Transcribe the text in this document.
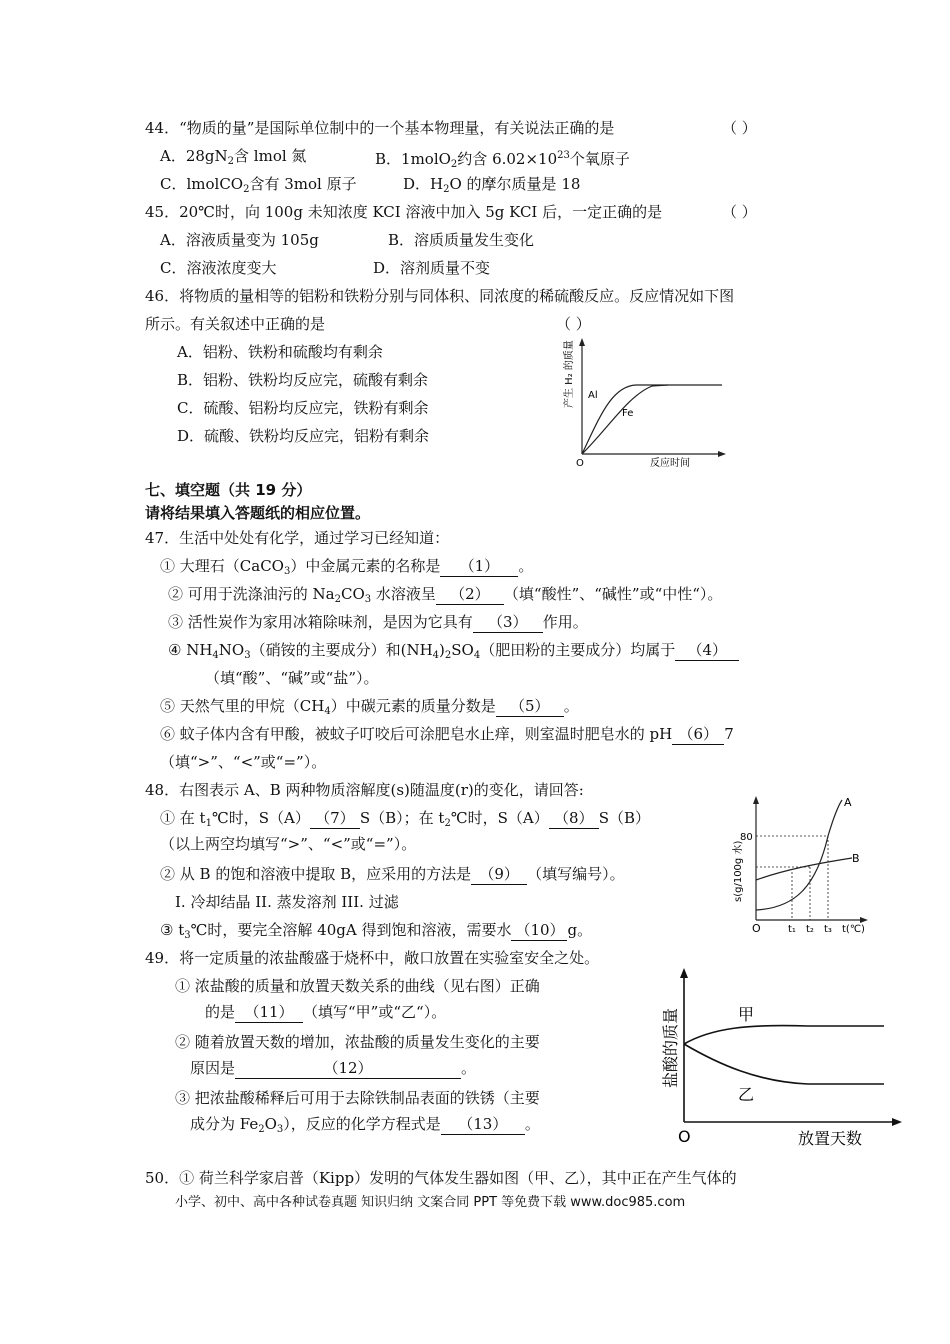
44．“物质的量”是国际单位制中的一个基本物理量，有关说法正确的是	（ ）
A．$28gN_2$含 lmol 氮	B．1molO$_2$约含 $6.02\times 10^{23}$个氧原子
C．lmolCO$_2$含有 3mol 原子	D．$H_2O$ 的摩尔质量是 18
45．20℃时，向 100g 未知浓度 KCI 溶液中加入 5g KCI 后，一定正确的是	（ ）
A．溶液质量变为 105g	B．溶质质量发生变化
C．溶液浓度变大	D．溶剂质量不变
46．将物质的量相等的铝粉和铁粉分别与同体积、同浓度的稀硫酸反应。反应情况如下图
所示。有关叙述中正确的是	（ ）
A．铝粉、铁粉和硫酸均有剩余
B．铝粉、铁粉均反应完，硫酸有剩余
C．硫酸、铝粉均反应完，铁粉有剩余
D．硫酸、铁粉均反应完，铝粉有剩余
产生 H₂ 的质量 Al
Fe
O	反应时间
七、填空题（共 19 分）
请将结果填入答题纸的相应位置。
47．生活中处处有化学，通过学习已经知道：
① 大理石（CaCO$_3$）中金属元素的名称是 （1） 。
② 可用于洗涤油污的 $Na_2CO_3$ 水溶液呈 （2） （填“酸性”、“碱性”或“中性“）。
③ 活性炭作为家用冰箱除味剂，是因为它具有 （3） 作用。
④ $NH_4NO_3$（硝铵的主要成分）和$(NH_4)_2SO_4$（肥田粉的主要成分）均属于 （4）
（填“酸”、“碱”或“盐”）。
⑤ 天然气里的甲烷$(CH_4)$中碳元素的质量分数是 （5） 。
⑥ 蚊子体内含有甲酸，被蚊子叮咬后可涂肥皂水止痒，则室温时肥皂水的 pH （6） 7
（填“>”、“<”或“=”）。
48．右图表示 A、B 两种物质溶解度(s)随温度(r)的变化，请回答:
① 在 $t_1℃$时，S（A） （7） S（B）；在 $t_2℃$时，S（A） （8） S（B）
（以上两空均填写“>”、“<”或“=”）。
② 从 B 的饱和溶液中提取 B，应采用的方法是 （9） （填写编号）。
I. 冷却结晶 II. 蒸发溶剂 III. 过滤
③ $t_3℃$时，要完全溶解 40gA 得到饱和溶液，需要水 （10） g。
s(g/100g 水)
80
A
B
O	t₁ t₂ t₃ t(℃)
49．将一定质量的浓盐酸盛于烧杯中，敞口放置在实验室安全之处。
① 浓盐酸的质量和放置天数关系的曲线（见右图）正确
的是 （11） （填写“甲”或“乙“）。
② 随着放置天数的增加，浓盐酸的质量发生变化的主要
原因是	（12）	。
③ 把浓盐酸稀释后可用于去除铁制品表面的铁锈（主要
成分为 $Fe_2O_3$），反应的化学方程式是 （13） 。
盐酸的质量	甲
乙
O	放置天数
50．① 荷兰科学家启普（Kipp）发明的气体发生器如图（甲、乙），其中正在产生气体的
小学、初中、高中各种试卷真题 知识归纳 文案合同 PPT 等免费下载 www.doc985.com
